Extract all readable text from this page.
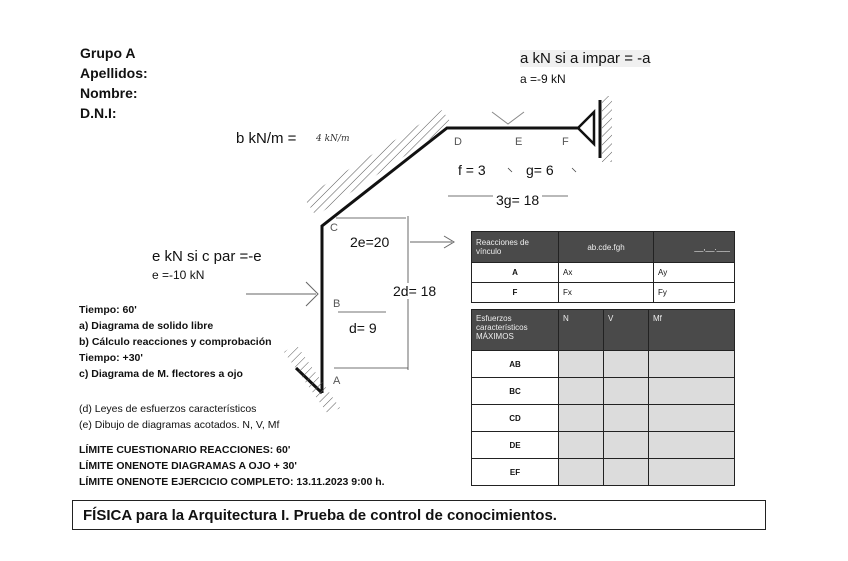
Grupo A
Apellidos:
Nombre:
D.N.I:
A
B
C
D	E	F
a kN si a impar = -a
a =-9 kN
b kN/m = 4 kN/m
e kN si c par =-e
e =-10 kN
f = 3	g= 6
3g= 18
2e=20
2d= 18
d= 9
Tiempo: 60'
a) Diagrama de solido libre
b) Cálculo reacciones y comprobación
Tiempo: +30'
c) Diagrama de M. flectores a ojo
(d) Leyes de esfuerzos característicos
(e) Dibujo de diagramas acotados. N, V, Mf
LÍMITE CUESTIONARIO REACCIONES: 60'
LÍMITE ONENOTE DIAGRAMAS A OJO + 30'
LÍMITE ONENOTE EJERCICIO COMPLETO: 13.11.2023 9:00 h.
Reacciones de vínculo	ab.cde.fgh	__,__.___
A	Ax	Ay
F	Fx	Fy
Esfuerzos característicos MÁXIMOS	N	V	Mf
AB			
BC			
CD			
DE			
EF			
FÍSICA para la Arquitectura I. Prueba de control de conocimientos.
